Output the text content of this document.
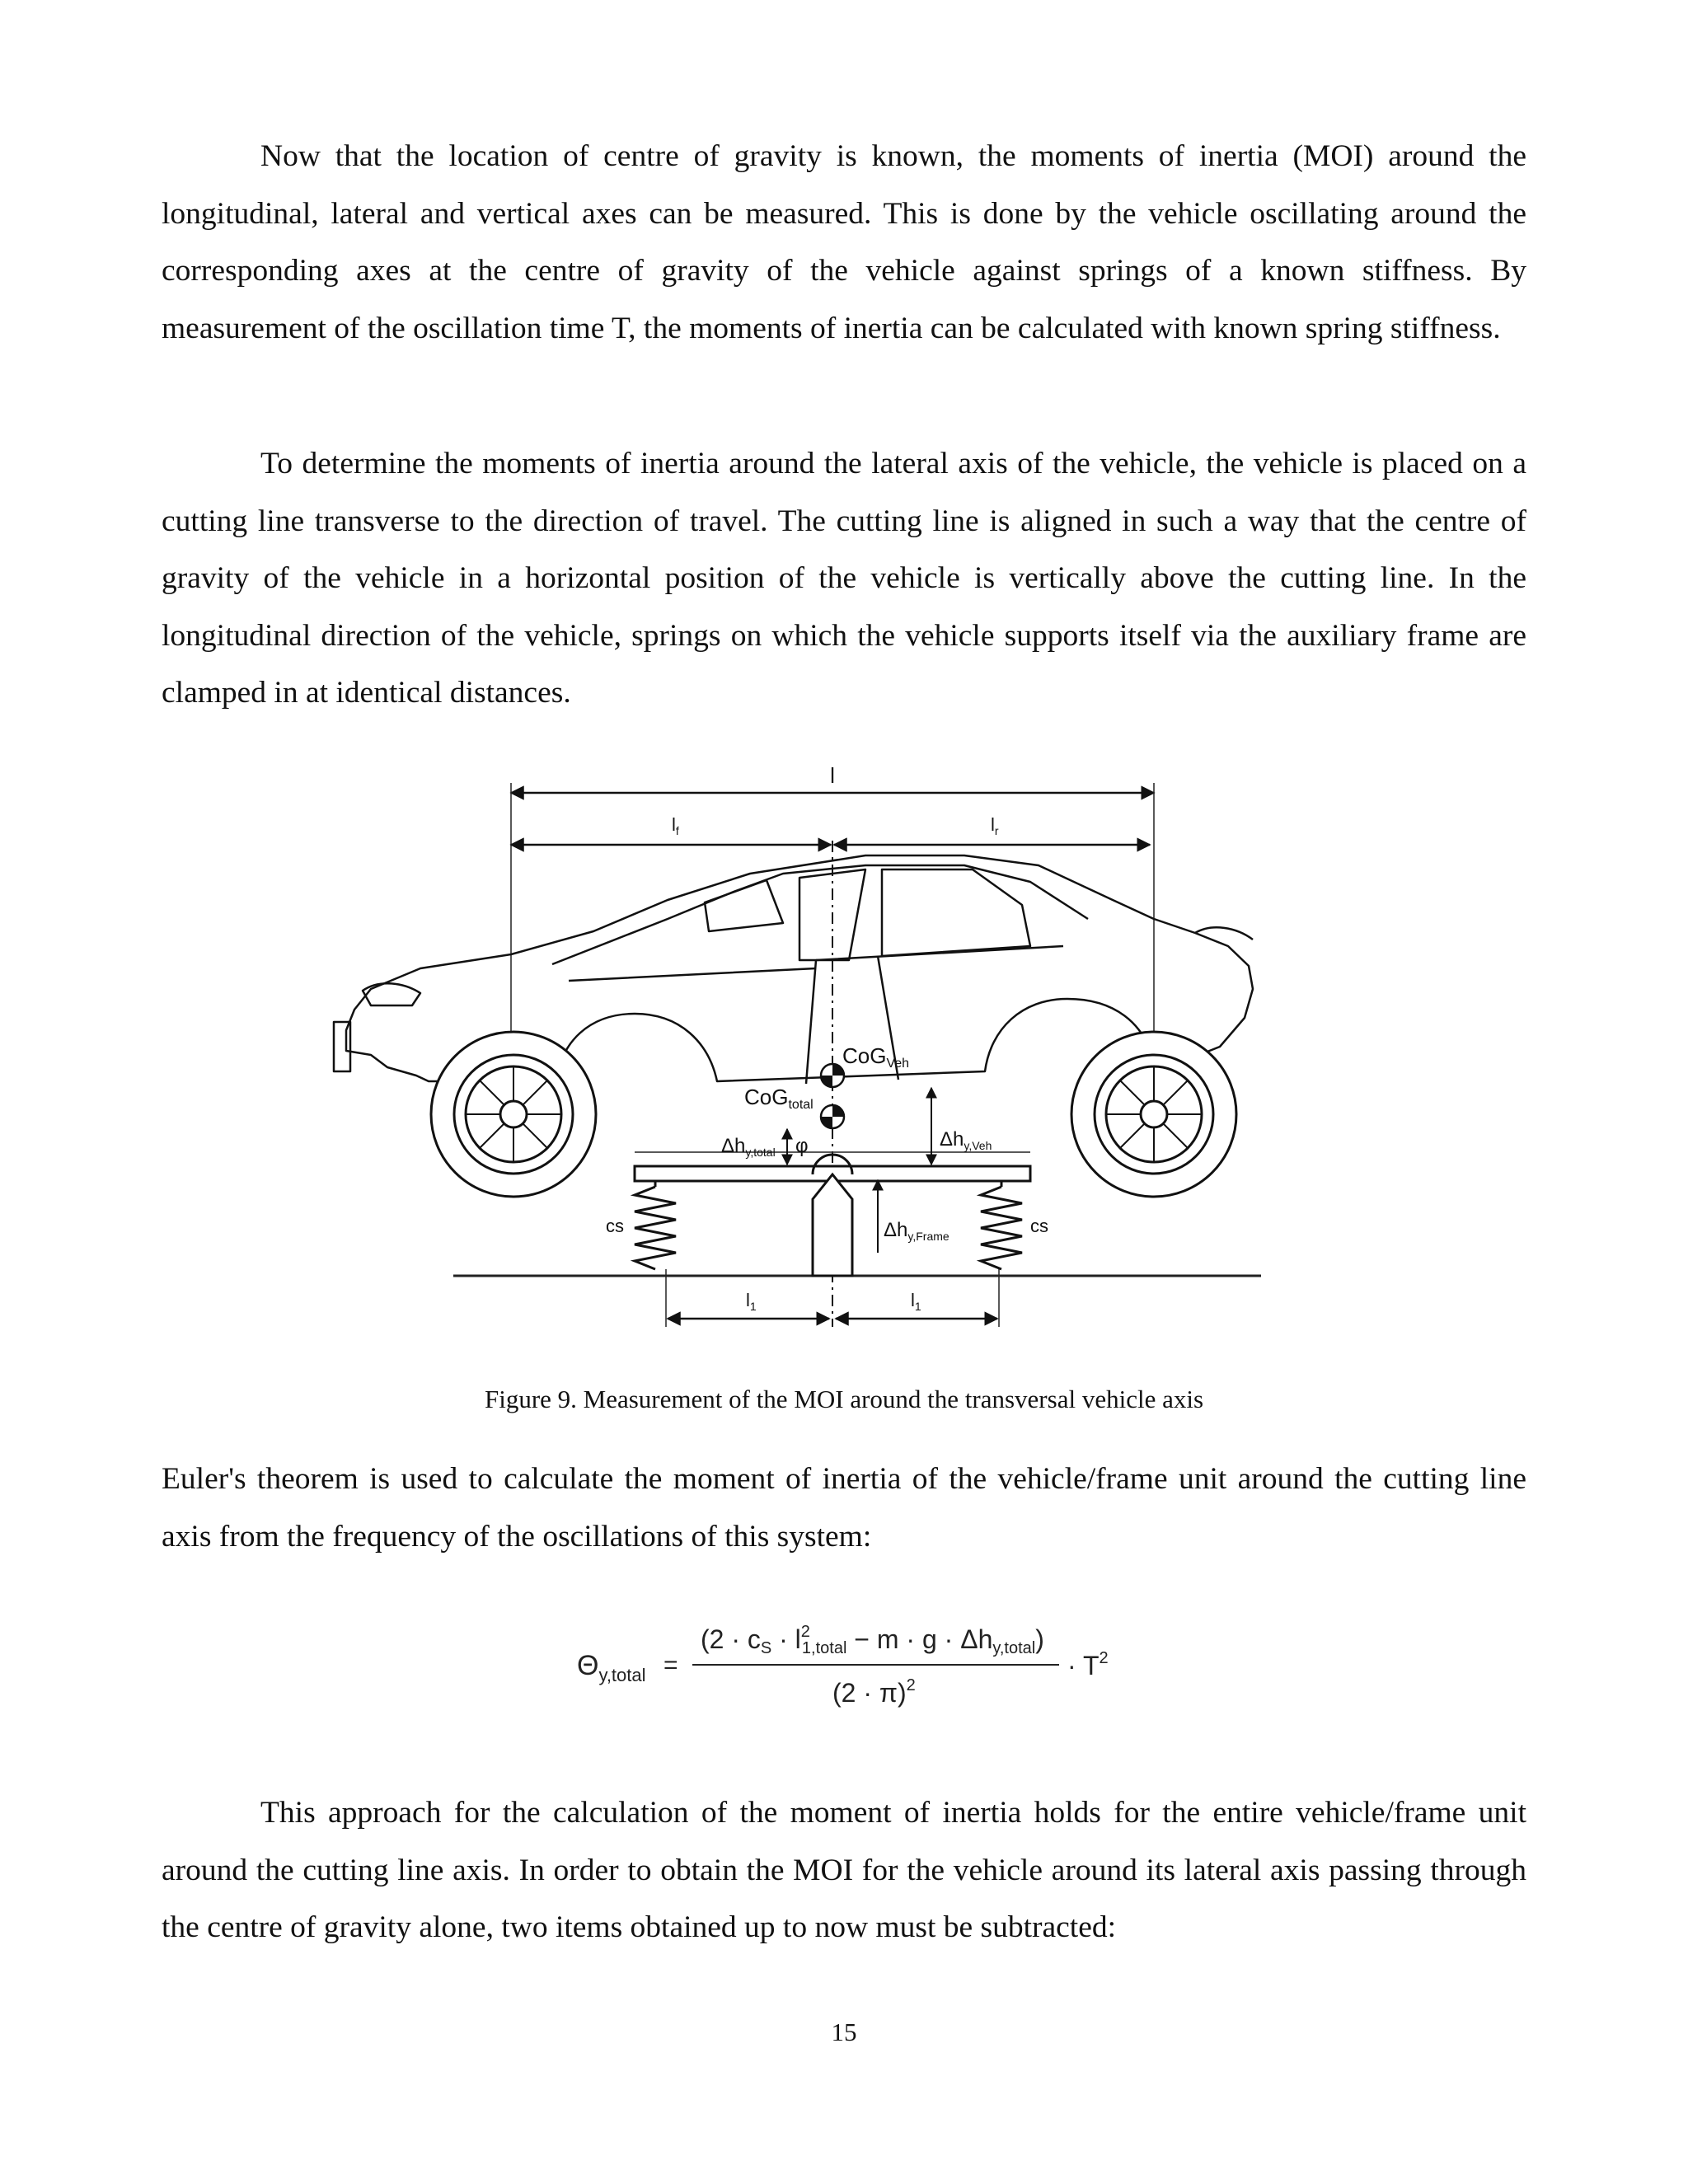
Now that the location of centre of gravity is known, the moments of inertia (MOI) around the longitudinal, lateral and vertical axes can be measured. This is done by the vehicle oscillating around the corresponding axes at the centre of gravity of the vehicle against springs of a known stiffness. By measurement of the oscillation time T, the moments of inertia can be calculated with known spring stiffness.

To determine the moments of inertia around the lateral axis of the vehicle, the vehicle is placed on a cutting line transverse to the direction of travel. The cutting line is aligned in such a way that the centre of gravity of the vehicle in a horizontal position of the vehicle is vertically above the cutting line. In the longitudinal direction of the vehicle, springs on which the vehicle supports itself via the auxiliary frame are clamped in at identical distances.

l
$l_f$	$l_r$
cs	cs
CoGVeh
CoGtotal
$\Delta h_{y,total}$ φ	$\Delta h_{y,Veh}$
$\Delta h_{y,Frame}$
$l_1$	$l_1$
Figure 9. Measurement of the MOI around the transversal vehicle axis

Euler's theorem is used to calculate the moment of inertia of the vehicle/frame unit around the cutting line axis from the frequency of the oscillations of this system:

$\Theta_{y,total}$ =
(2 · cS · $l^2$ 1,total − m · g · Δhy,total)
$(2 \cdot \pi)^2$
· $T^2$

This approach for the calculation of the moment of inertia holds for the entire vehicle/frame unit around the cutting line axis. In order to obtain the MOI for the vehicle around its lateral axis passing through the centre of gravity alone, two items obtained up to now must be subtracted:

15
